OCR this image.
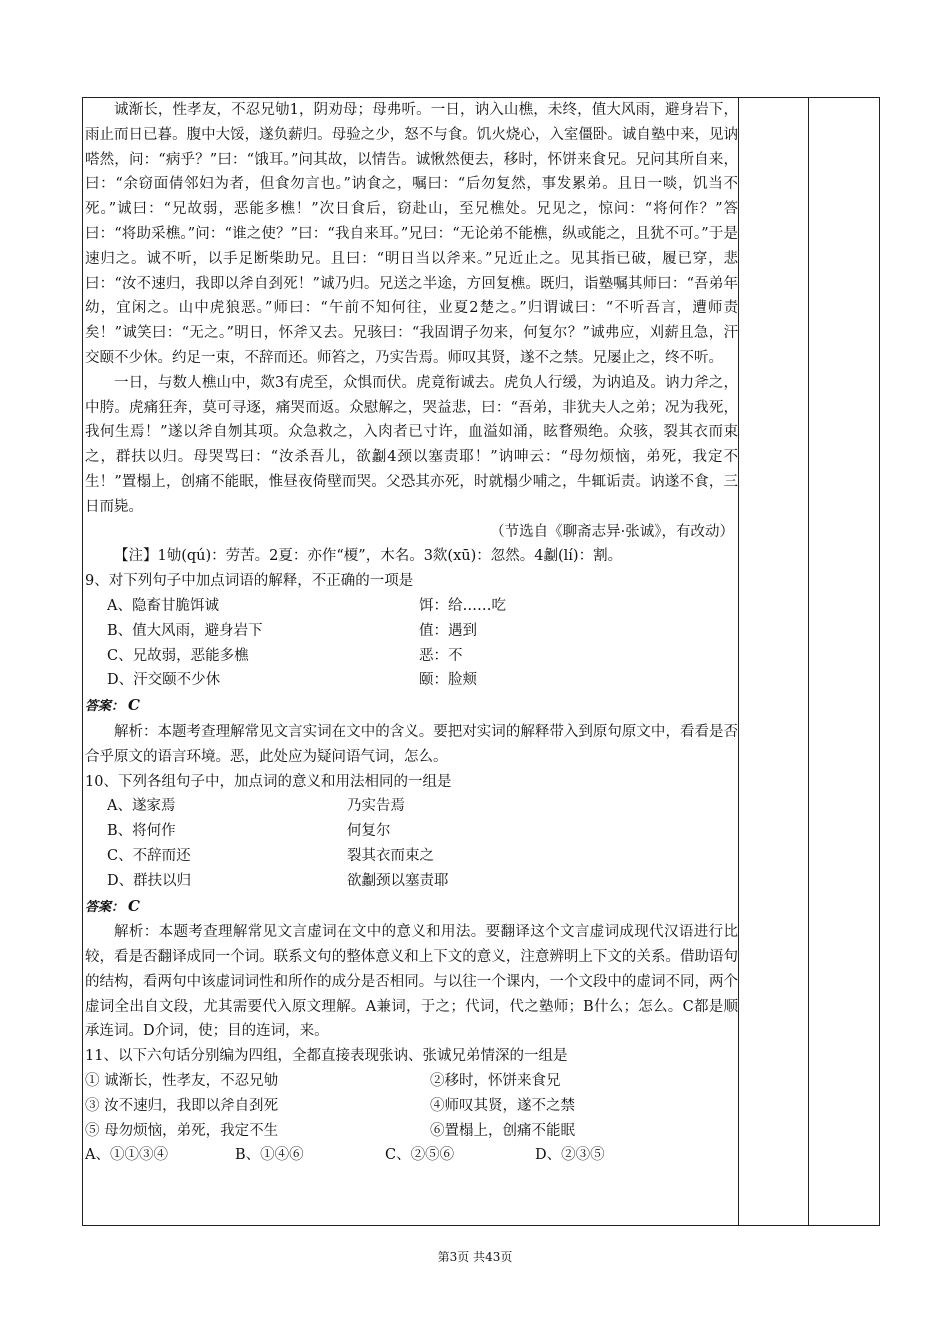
诚渐长，性孝友，不忍兄劬1，阴劝母；母弗听。一日，讷入山樵，未终，值大风雨，避身岩下，雨止而日已暮。腹中大馁，遂负薪归。母验之少，怒不与食。饥火烧心，入室僵卧。诚自塾中来，见讷嗒然，问：“病乎？”曰：“饿耳。”问其故，以情告。诚愀然便去，移时，怀饼来食兄。兄问其所自来，曰：“余窃面倩邻妇为者，但食勿言也。”讷食之，嘱曰：“后勿复然，事发累弟。且日一啖，饥当不死。”诚曰：“兄故弱，恶能多樵！”次日食后，窃赴山，至兄樵处。兄见之，惊问：“将何作？”答曰：“将助采樵。”问：“谁之使？”曰：“我自来耳。”兄曰：“无论弟不能樵，纵或能之，且犹不可。”于是速归之。诚不听，以手足断柴助兄。且曰：“明日当以斧来。”兄近止之。见其指已破，履已穿，悲曰：“汝不速归，我即以斧自刭死！”诚乃归。兄送之半途，方回复樵。既归，诣塾嘱其师曰：“吾弟年幼，宜闲之。山中虎狼恶。”师曰：“午前不知何往，业夏2楚之。”归谓诚曰：“不听吾言，遭师责矣！”诚笑曰：“无之。”明日，怀斧又去。兄骇曰：“我固谓子勿来，何复尔？”诚弗应，刈薪且急，汗交颐不少休。约足一束，不辞而还。师笞之，乃实告焉。师叹其贤，遂不之禁。兄屡止之，终不听。

一日，与数人樵山中，欻3有虎至，众惧而伏。虎竟衔诚去。虎负人行缓，为讷追及。讷力斧之，中胯。虎痛狂奔，莫可寻逐，痛哭而返。众慰解之，哭益悲，曰：“吾弟，非犹夫人之弟；况为我死，我何生焉！”遂以斧自刎其项。众急救之，入肉者已寸许，血溢如涌，眩瞀殒绝。众骇，裂其衣而束之，群扶以归。母哭骂曰：“汝杀吾儿，欲劙4颈以塞责耶！”讷呻云：“母勿烦恼，弟死，我定不生！”置榻上，创痛不能眠，惟昼夜倚壁而哭。父恐其亦死，时就榻少哺之，牛辄诟责。讷遂不食，三日而毙。

（节选自《聊斋志异·张诚》，有改动）

【注】1劬(qú)：劳苦。2夏：亦作“榎”，木名。3欻(xū)：忽然。4劙(lí)：割。

9、对下列句子中加点词语的解释，不正确的一项是

A、隐畜甘脆饵诚	饵：给……吃
B、值大风雨，避身岩下	值：遇到
C、兄故弱，恶能多樵	恶：不
D、汗交颐不少休	颐：脸颊

答案： C

解析：本题考查理解常见文言实词在文中的含义。要把对实词的解释带入到原句原文中，看看是否合乎原文的语言环境。恶，此处应为疑问语气词，怎么。

10、下列各组句子中，加点词的意义和用法相同的一组是

A、遂家焉	乃实告焉
B、将何作	何复尔
C、不辞而还	裂其衣而束之
D、群扶以归	欲劙颈以塞责耶

答案： C

解析：本题考查理解常见文言虚词在文中的意义和用法。要翻译这个文言虚词成现代汉语进行比较，看是否翻译成同一个词。联系文句的整体意义和上下文的意义，注意辨明上下文的关系。借助语句的结构，看两句中该虚词词性和所作的成分是否相同。与以往一个课内，一个文段中的虚词不同，两个虚词全出自文段，尤其需要代入原文理解。A兼词，于之；代词，代之塾师；B什么；怎么。C都是顺承连词。D介词，使；目的连词，来。

11、以下六句话分别编为四组，全都直接表现张讷、张诚兄弟情深的一组是

① 诚渐长，性孝友，不忍兄劬	②移时，怀饼来食兄
③ 汝不速归，我即以斧自刭死	④师叹其贤，遂不之禁
⑤ 母勿烦恼，弟死，我定不生	⑥置榻上，创痛不能眠
A、①①③④	B、①④⑥	C、②⑤⑥	D、②③⑤
第3页 共43页
